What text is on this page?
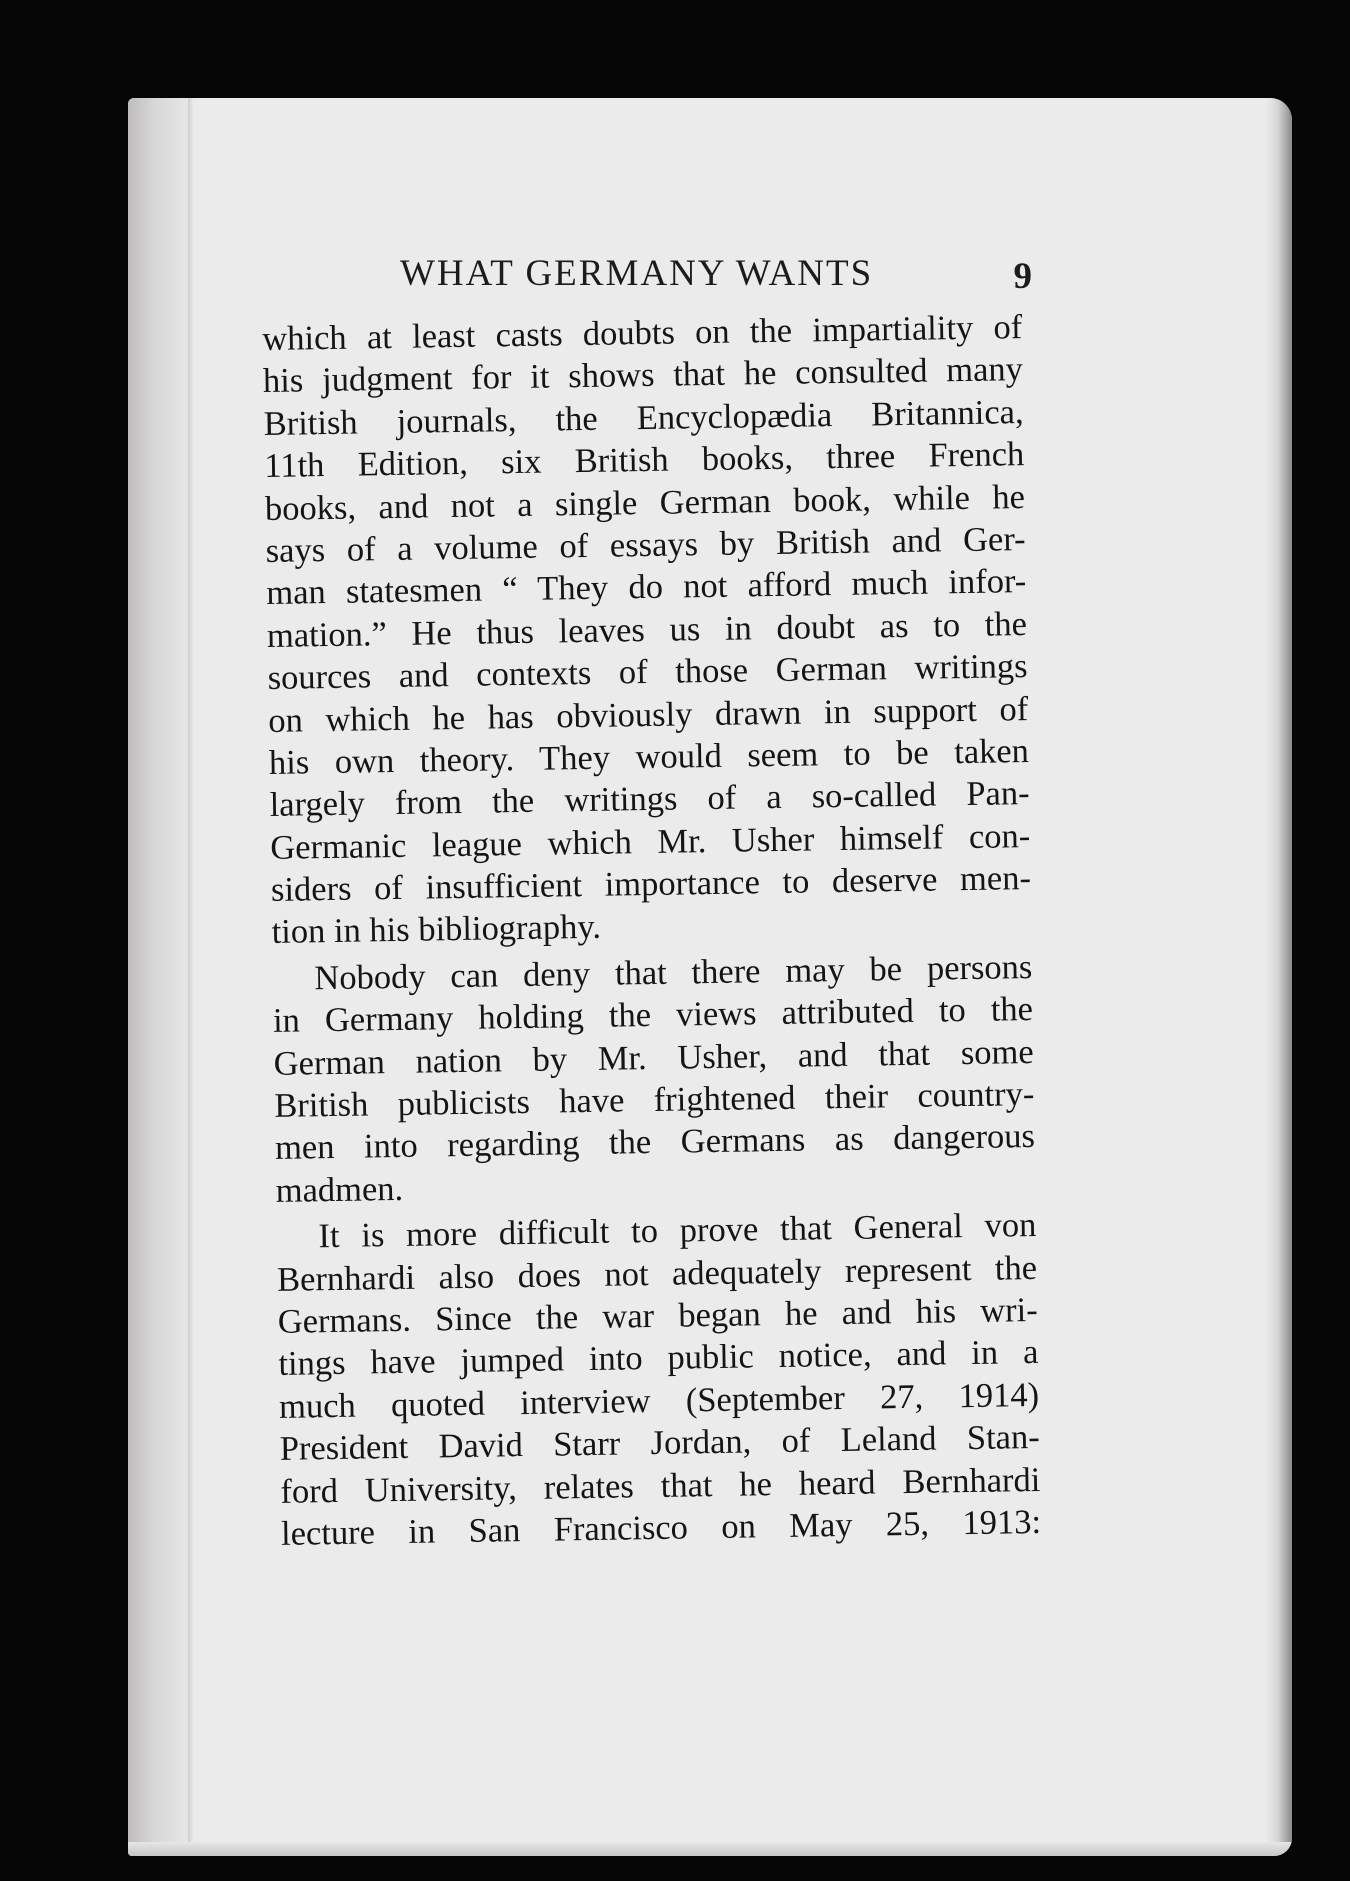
WHAT GERMANY WANTS	9
which at least casts doubts on the impartiality of
his judgment for it shows that he consulted many
British journals, the Encyclopædia Britannica,
11th Edition, six British books, three French
books, and not a single German book, while he
says of a volume of essays by British and Ger-
man statesmen “ They do not afford much infor-
mation.” He thus leaves us in doubt as to the
sources and contexts of those German writings
on which he has obviously drawn in support of
his own theory. They would seem to be taken
largely from the writings of a so-called Pan-
Germanic league which Mr. Usher himself con-
siders of insufficient importance to deserve men-
tion in his bibliography.
Nobody can deny that there may be persons
in Germany holding the views attributed to the
German nation by Mr. Usher, and that some
British publicists have frightened their country-
men into regarding the Germans as dangerous
madmen.
It is more difficult to prove that General von
Bernhardi also does not adequately represent the
Germans. Since the war began he and his wri-
tings have jumped into public notice, and in a
much quoted interview (September 27, 1914)
President David Starr Jordan, of Leland Stan-
ford University, relates that he heard Bernhardi
lecture in San Francisco on May 25, 1913:
